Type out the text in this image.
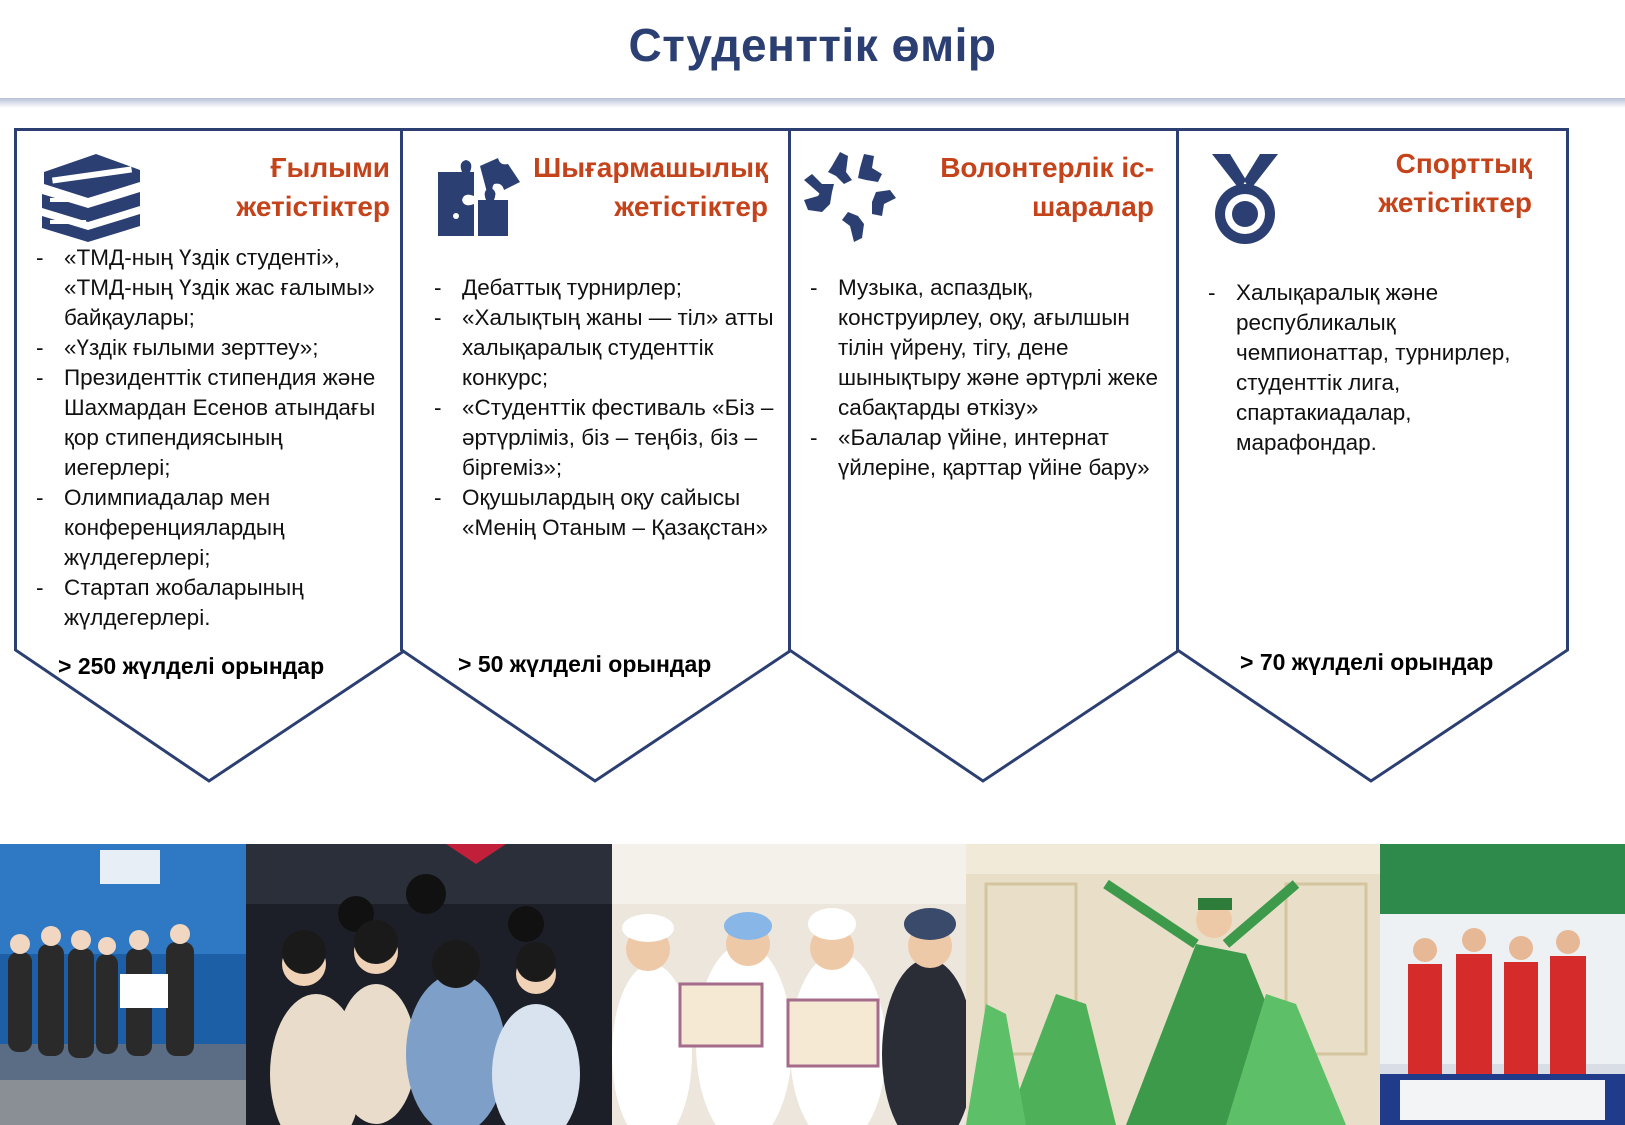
Студенттік өмір
Ғылыми жетістіктер
- «ТМД-ның Үздік студенті», «ТМД-ның Үздік жас ғалымы» байқаулары;
- «Үздік ғылыми зерттеу»;
- Президенттік стипендия және Шахмардан Есенов атындағы қор стипендиясының иегерлері;
- Олимпиадалар мен конференциялардың жүлдегерлері;
- Стартап жобаларының жүлдегерлері.
> 250 жүлделі орындар
Шығармашылық жетістіктер
- Дебаттық турнирлер;
- «Халықтың жаны — тіл» атты халықаралық студенттік конкурс;
- «Студенттік фестиваль «Біз – әртүрліміз, біз – теңбіз, біз – біргеміз»;
- Оқушылардың оқу сайысы «Менің Отаным – Қазақстан»
> 50 жүлделі орындар
Волонтерлік іс-шаралар
- Музыка, аспаздық, конструирлеу, оқу, ағылшын тілін үйрену, тігу, дене шынықтыру және әртүрлі жеке сабақтарды өткізу»
- «Балалар үйіне, интернат үйлеріне, қарттар үйіне бару»
Спорттық жетістіктер
- Халықаралық және республикалық чемпионаттар, турнирлер, студенттік лига, спартакиадалар, марафондар.
> 70 жүлделі орындар
